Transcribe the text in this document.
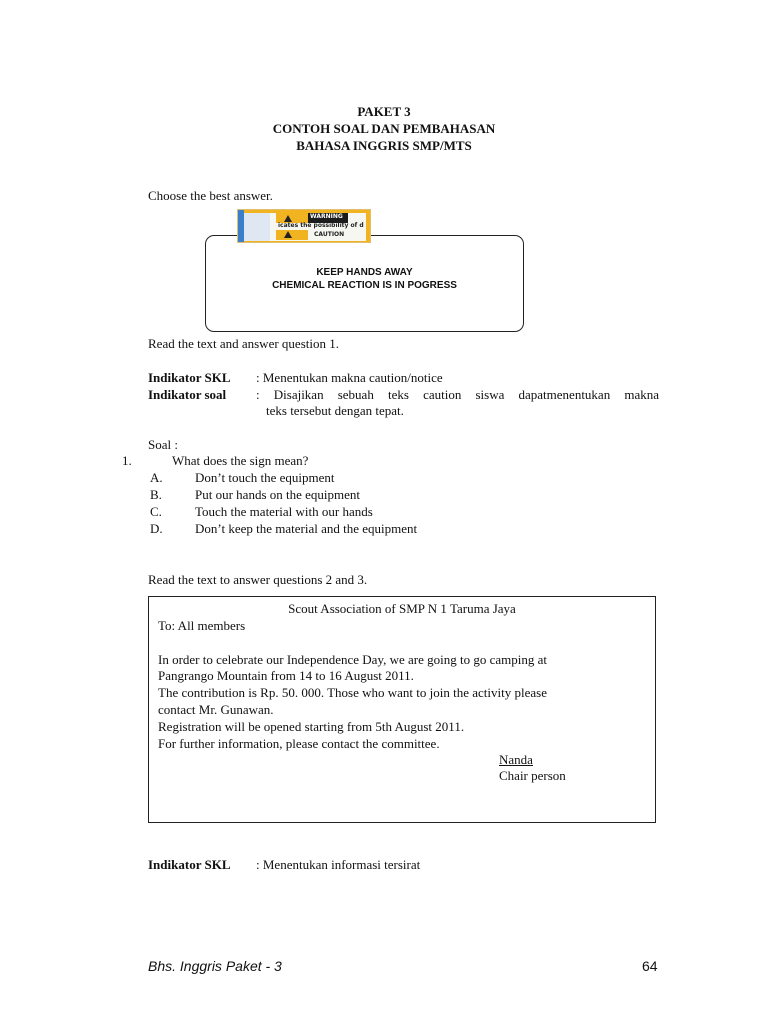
PAKET 3
CONTOH SOAL DAN PEMBAHASAN
BAHASA INGGRIS SMP/MTS
Choose the best answer.
WARNING
icates the possibility of d
CAUTION
KEEP HANDS AWAY
CHEMICAL REACTION IS IN POGRESS
Read the text and answer question 1.
Indikator SKL : Menentukan makna caution/notice
Indikator soal : Disajikan sebuah teks caution siswa dapatmenentukan makna
teks tersebut dengan tepat.
Soal :
1.	What does the sign mean?
A. Don’t touch the equipment
B.	Put our hands on the equipment
C.	Touch the material with our hands
D. Don’t keep the material and the equipment
Read the text to answer questions 2 and 3.
Scout Association of SMP N 1 Taruma Jaya
To: All members
In order to celebrate our Independence Day, we are going to go camping at
Pangrango Mountain from 14 to 16 August 2011.
The contribution is Rp. 50. 000. Those who want to join the activity please
contact Mr. Gunawan.
Registration will be opened starting from 5th August 2011.
For further information, please contact the committee.
Nanda
Chair person
Indikator SKL : Menentukan informasi tersirat
Bhs. Inggris Paket - 3	64
